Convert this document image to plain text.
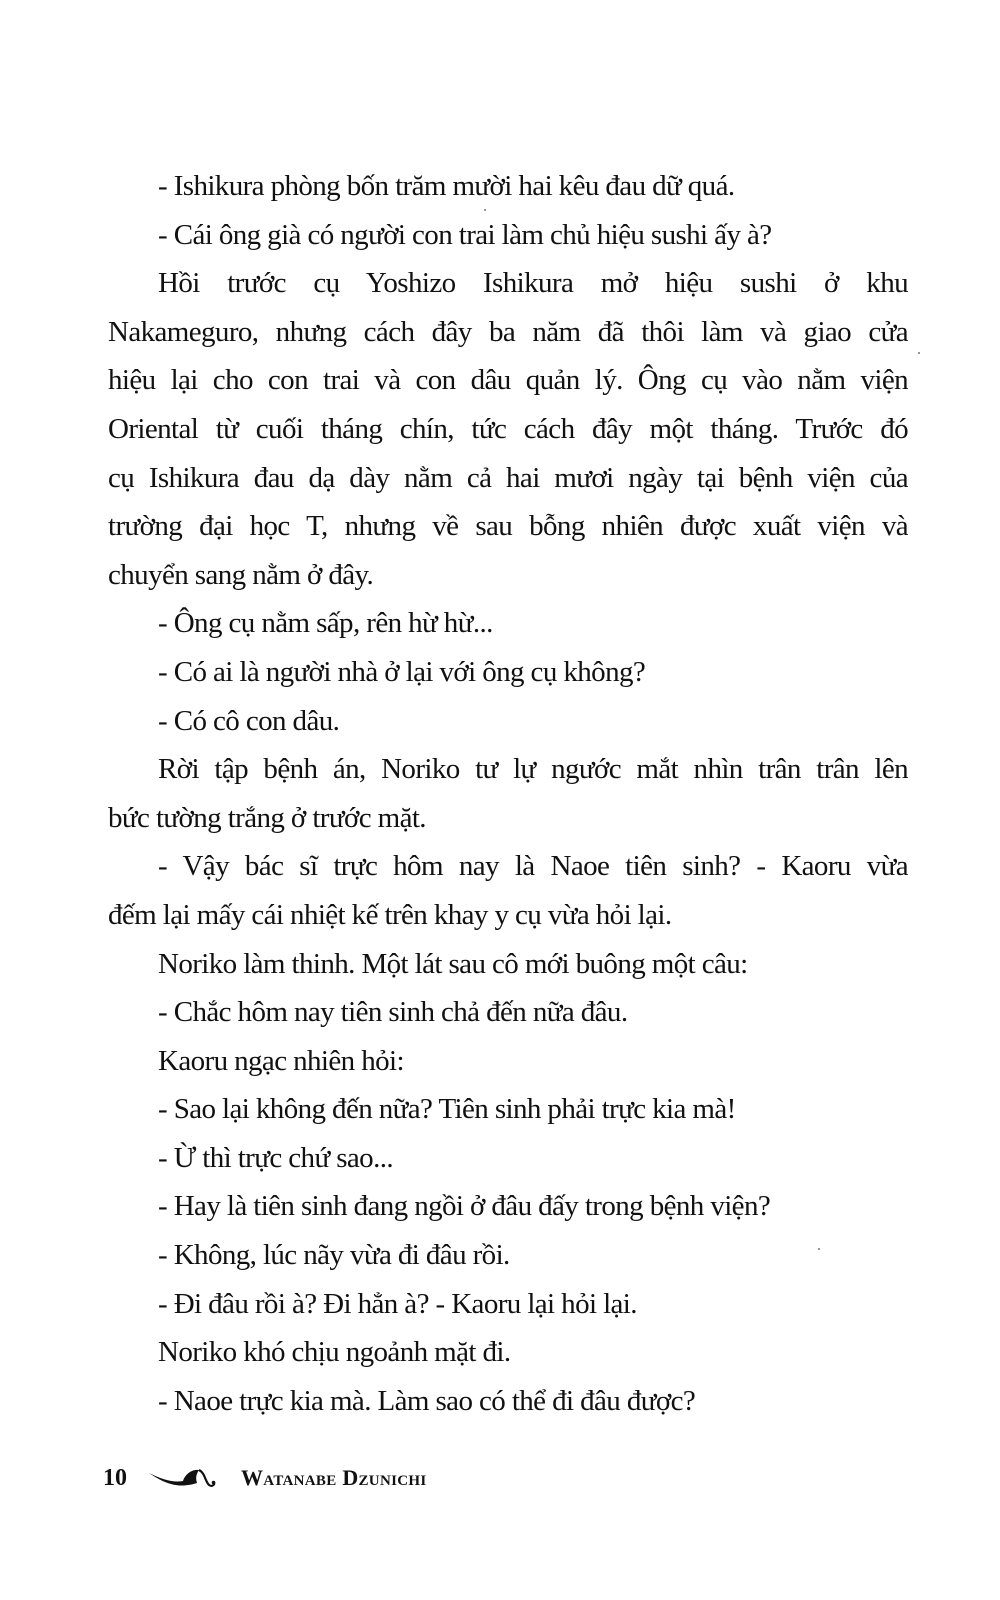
- Ishikura phòng bốn trăm mười hai kêu đau dữ quá.
- Cái ông già có người con trai làm chủ hiệu sushi ấy à?
Hồi trước cụ Yoshizo Ishikura mở hiệu sushi ở khu
Nakameguro, nhưng cách đây ba năm đã thôi làm và giao cửa
hiệu lại cho con trai và con dâu quản lý. Ông cụ vào nằm viện
Oriental từ cuối tháng chín, tức cách đây một tháng. Trước đó
cụ Ishikura đau dạ dày nằm cả hai mươi ngày tại bệnh viện của
trường đại học T, nhưng về sau bỗng nhiên được xuất viện và
chuyển sang nằm ở đây.
- Ông cụ nằm sấp, rên hừ hừ...
- Có ai là người nhà ở lại với ông cụ không?
- Có cô con dâu.
Rời tập bệnh án, Noriko tư lự ngước mắt nhìn trân trân lên
bức tường trắng ở trước mặt.
- Vậy bác sĩ trực hôm nay là Naoe tiên sinh? - Kaoru vừa
đếm lại mấy cái nhiệt kế trên khay y cụ vừa hỏi lại.
Noriko làm thinh. Một lát sau cô mới buông một câu:
- Chắc hôm nay tiên sinh chả đến nữa đâu.
Kaoru ngạc nhiên hỏi:
- Sao lại không đến nữa? Tiên sinh phải trực kia mà!
- Ừ thì trực chứ sao...
- Hay là tiên sinh đang ngồi ở đâu đấy trong bệnh viện?
- Không, lúc nãy vừa đi đâu rồi.
- Đi đâu rồi à? Đi hẳn à? - Kaoru lại hỏi lại.
Noriko khó chịu ngoảnh mặt đi.
- Naoe trực kia mà. Làm sao có thể đi đâu được?
10	Watanabe Dzunichi
